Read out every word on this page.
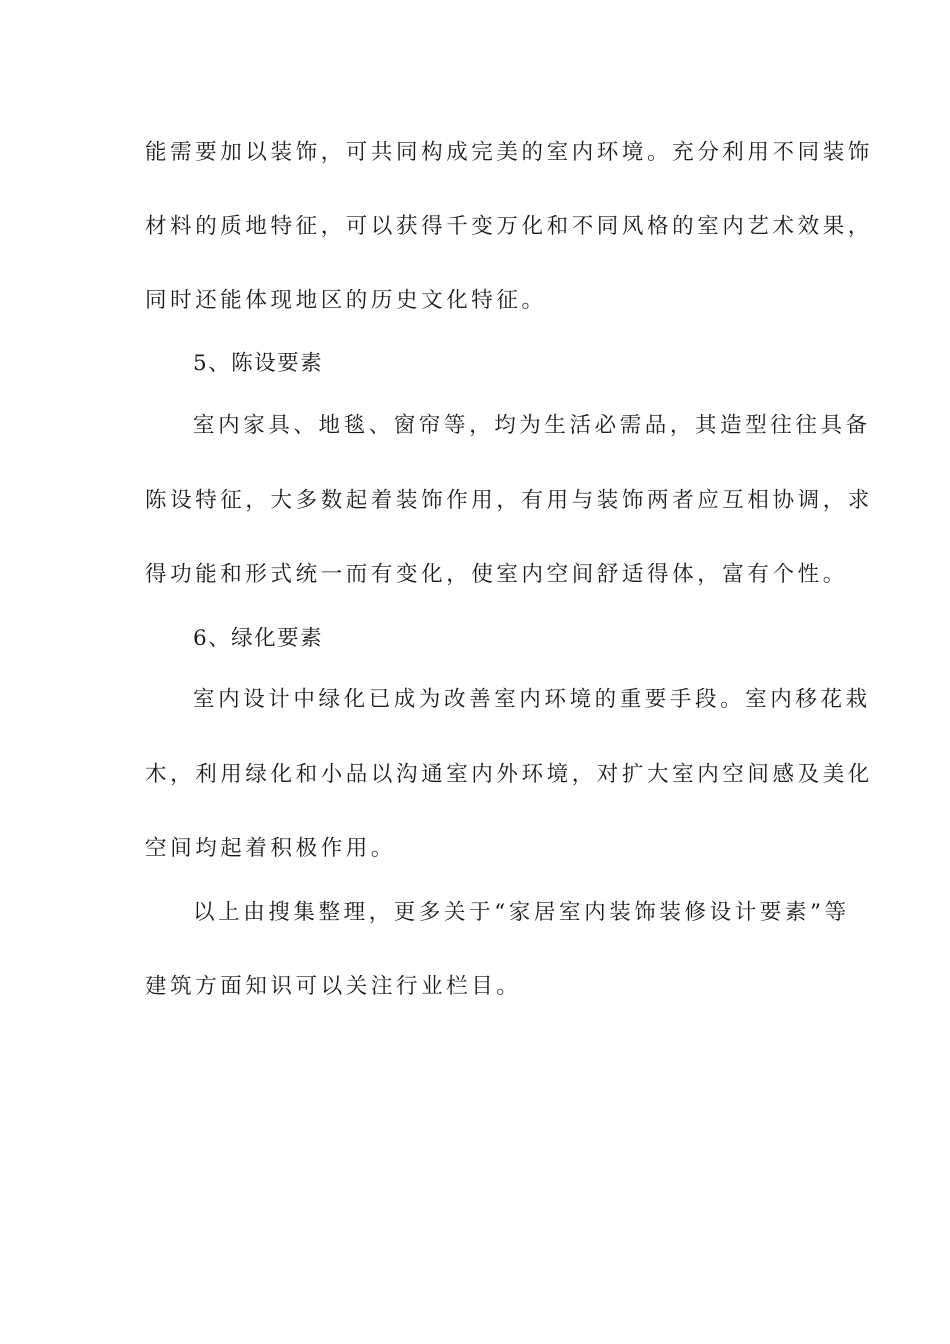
能需要加以装饰，可共同构成完美的室内环境。充分利用不同装饰
材料的质地特征，可以获得千变万化和不同风格的室内艺术效果，
同时还能体现地区的历史文化特征。
5、陈设要素
室内家具、地毯、窗帘等，均为生活必需品，其造型往往具备
陈设特征，大多数起着装饰作用，有用与装饰两者应互相协调，求
得功能和形式统一而有变化，使室内空间舒适得体，富有个性。
6、绿化要素
室内设计中绿化已成为改善室内环境的重要手段。室内移花栽
木，利用绿化和小品以沟通室内外环境，对扩大室内空间感及美化
空间均起着积极作用。
以上由搜集整理，更多关于“家居室内装饰装修设计要素”等
建筑方面知识可以关注行业栏目。
